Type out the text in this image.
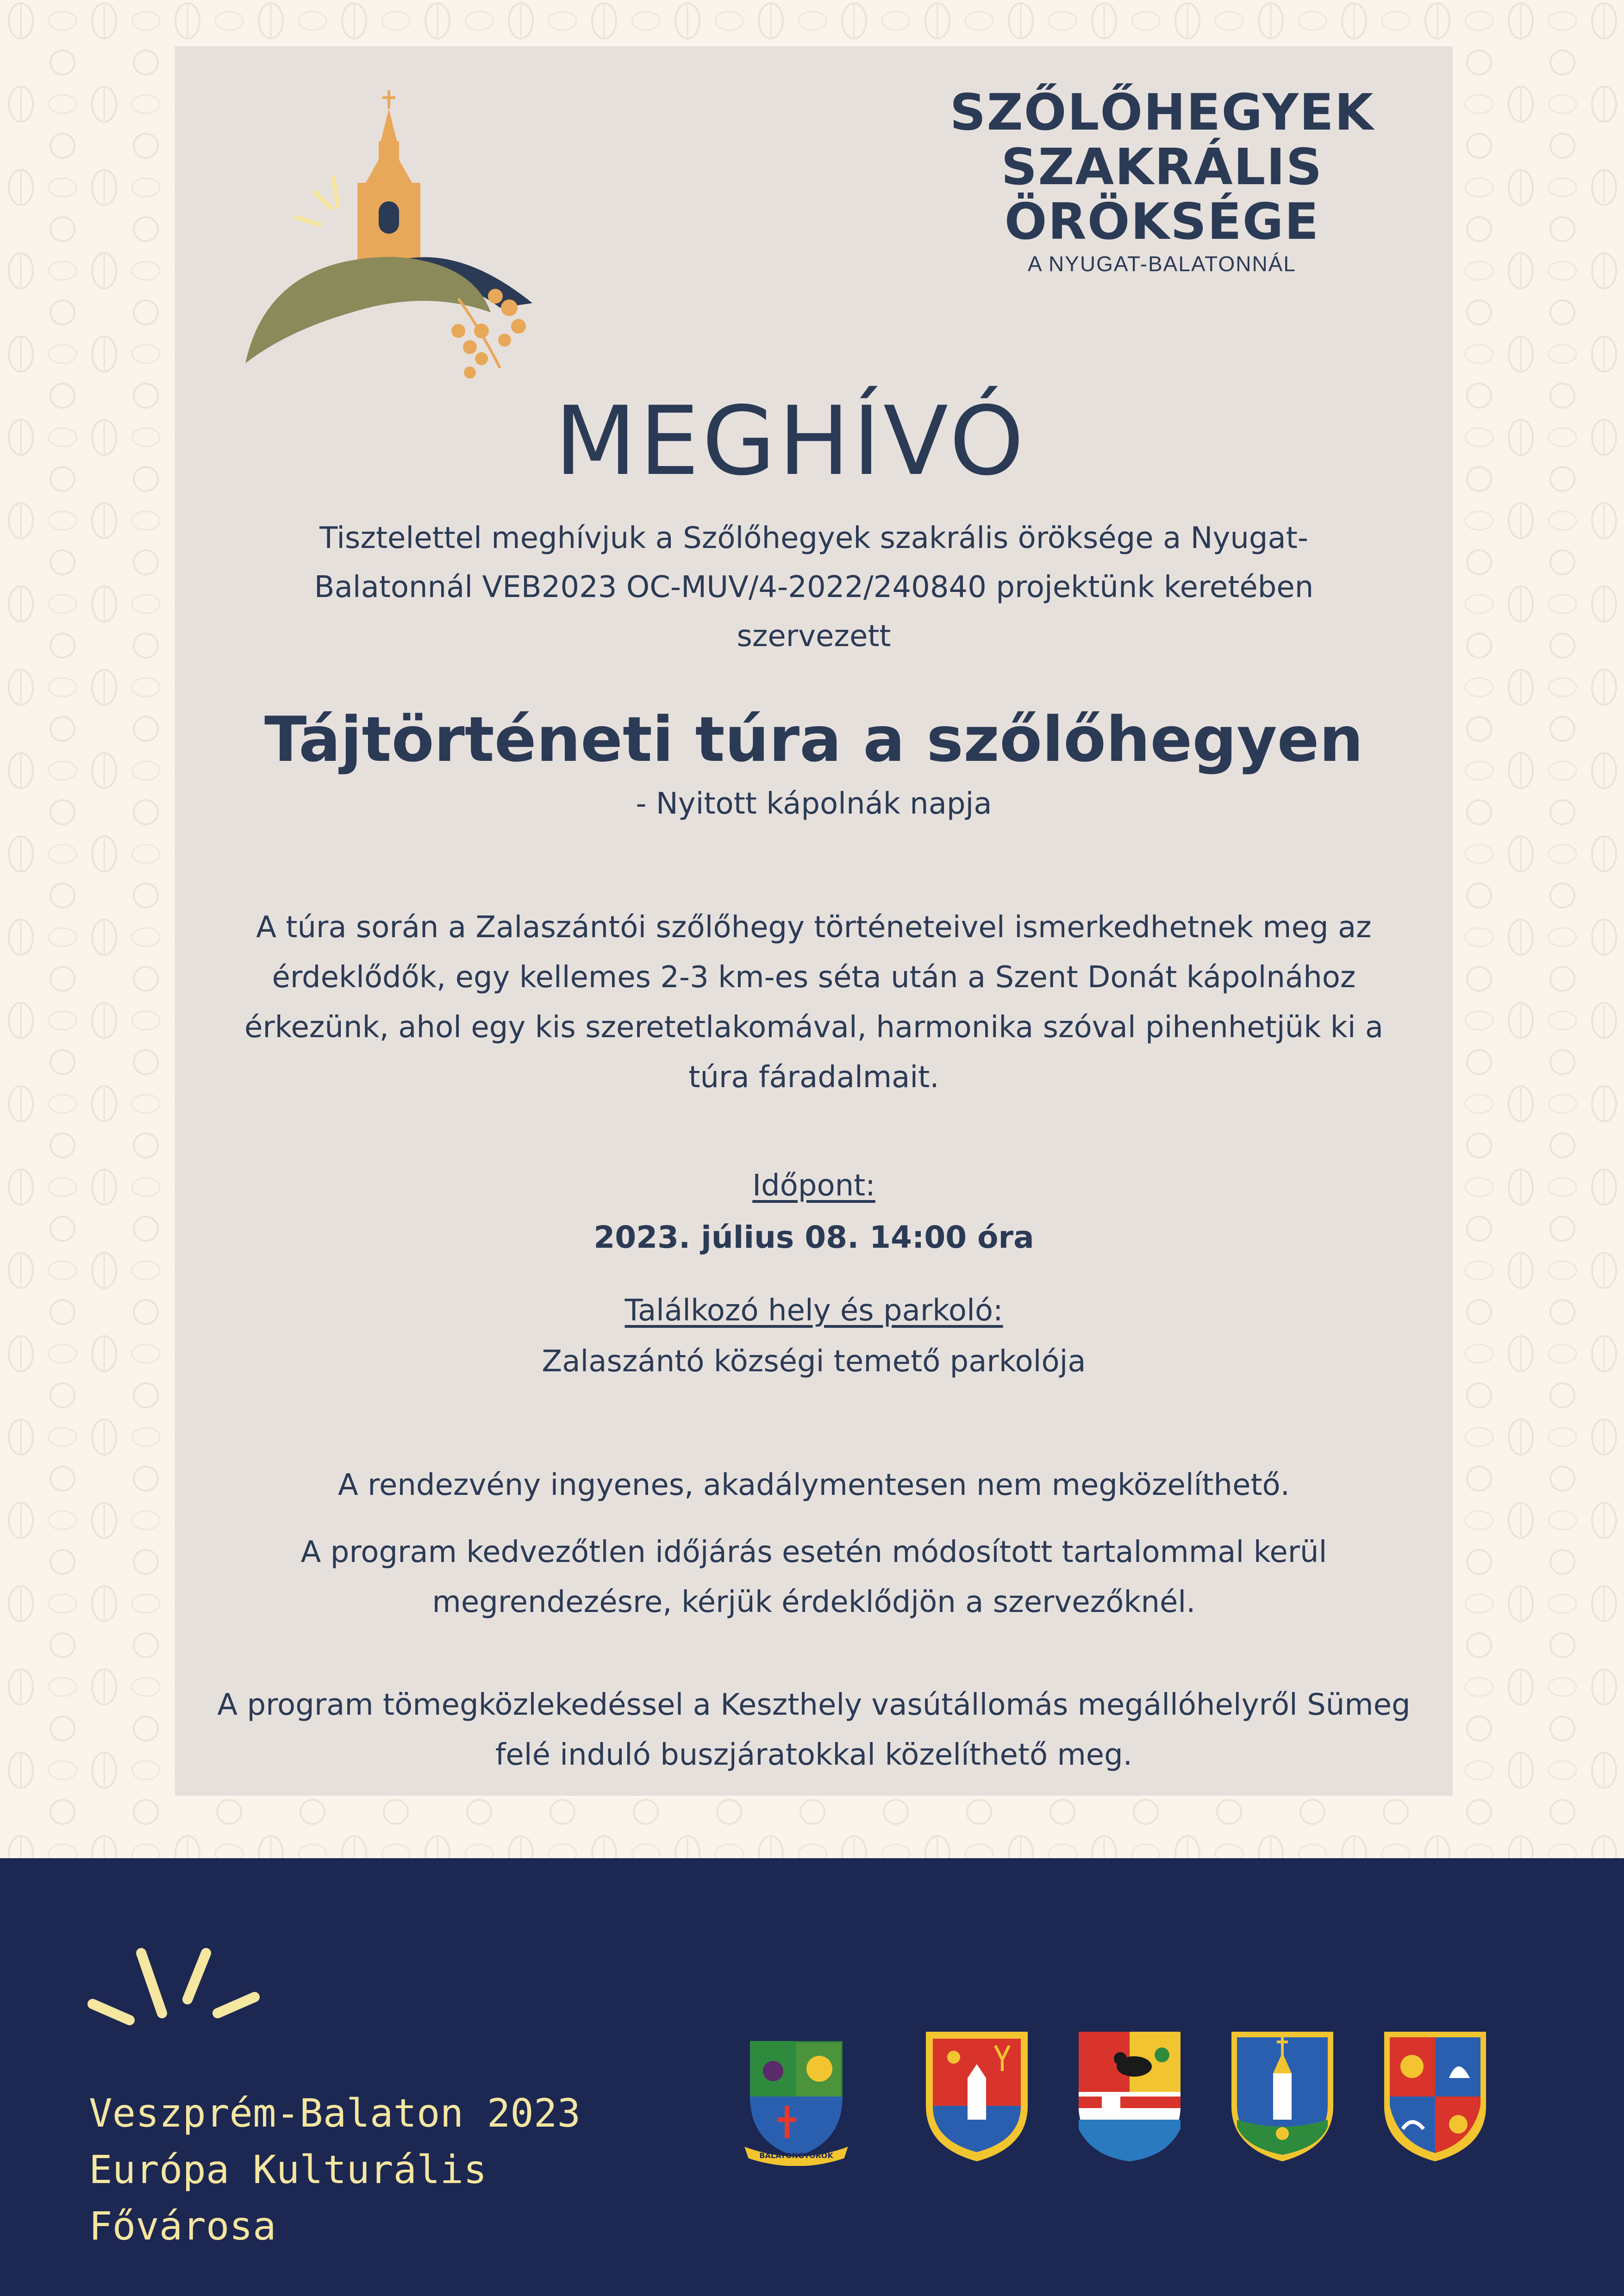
SZŐLŐHEGYEK
SZAKRÁLIS
ÖRÖKSÉGE
A NYUGAT-BALATONNÁL
MEGHÍVÓ
Tisztelettel meghívjuk a Szőlőhegyek szakrális öröksége a Nyugat-Balatonnál VEB2023 OC-MUV/4-2022/240840 projektünk keretében szervezett
Tájtörténeti túra a szőlőhegyen
- Nyitott kápolnák napja
A túra során a Zalaszántói szőlőhegy történeteivel ismerkedhetnek meg az érdeklődők, egy kellemes 2-3 km-es séta után a Szent Donát kápolnához érkezünk, ahol egy kis szeretetlakomával, harmonika szóval pihenhetjük ki a túra fáradalmait.
Időpont:
2023. július 08. 14:00 óra
Találkozó hely és parkoló:
Zalaszántó községi temető parkolója
A rendezvény ingyenes, akadálymentesen nem megközelíthető.
A program kedvezőtlen időjárás esetén módosított tartalommal kerül megrendezésre, kérjük érdeklődjön a szervezőknél.
A program tömegközlekedéssel a Keszthely vasútállomás megállóhelyről Sümeg felé induló buszjáratokkal közelíthető meg.
Veszprém-Balaton 2023
Európa Kulturális Fővárosa
BALATONGYÖRÖK
